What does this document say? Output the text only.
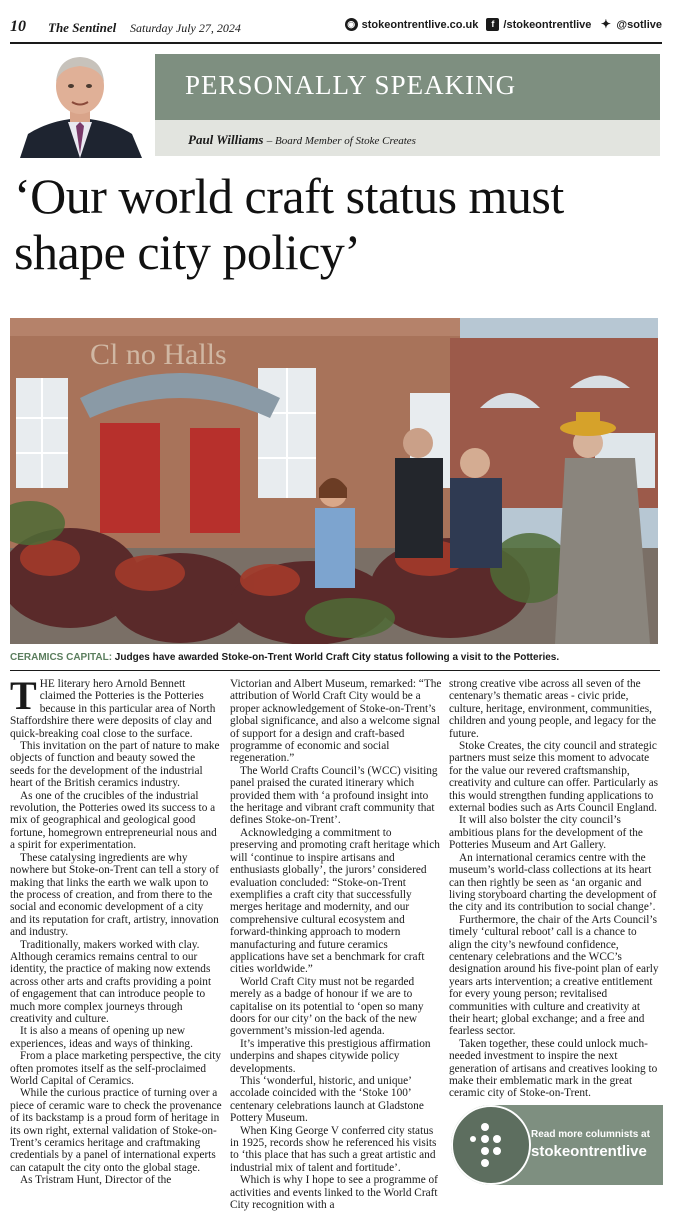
10 The Sentinel Saturday July 27, 2024	◉ stokeontrentlive.co.uk	f /stokeontrentlive ✦ @sotlive
PERSONALLY SPEAKING
Paul Williams – Board Member of Stoke Creates
‘Our world craft status must shape city policy’
Cl no Halls
CERAMICS CAPITAL: Judges have awarded Stoke-on-Trent World Craft City status following a visit to the Potteries.

THE literary hero Arnold Bennett claimed the Potteries is the Potteries because in this particular area of North Staffordshire there were deposits of clay and quick-breaking coal close to the surface.

This invitation on the part of nature to make objects of function and beauty sowed the seeds for the development of the industrial heart of the British ceramics industry.

As one of the crucibles of the industrial revolution, the Potteries owed its success to a mix of geographical and geological good fortune, homegrown entrepreneurial nous and a spirit for experimentation.

These catalysing ingredients are why nowhere but Stoke-on-Trent can tell a story of making that links the earth we walk upon to the process of creation, and from there to the social and economic development of a city and its reputation for craft, artistry, innovation and industry.

Traditionally, makers worked with clay. Although ceramics remains central to our identity, the practice of making now extends across other arts and crafts providing a point of engagement that can introduce people to much more complex journeys through creativity and culture.

It is also a means of opening up new experiences, ideas and ways of thinking.

From a place marketing perspective, the city often promotes itself as the self-proclaimed World Capital of Ceramics.

While the curious practice of turning over a piece of ceramic ware to check the provenance of its backstamp is a proud form of heritage in its own right, external validation of Stoke-on-Trent’s ceramics heritage and craftmaking credentials by a panel of international experts can catapult the city onto the global stage.

As Tristram Hunt, Director of the

Victorian and Albert Museum, remarked: “The attribution of World Craft City would be a proper acknowledgement of Stoke-on-Trent’s global significance, and also a welcome signal of support for a design and craft-based programme of economic and social regeneration.”

The World Crafts Council’s (WCC) visiting panel praised the curated itinerary which provided them with ‘a profound insight into the heritage and vibrant craft community that defines Stoke-on-Trent’.

Acknowledging a commitment to preserving and promoting craft heritage which will ‘continue to inspire artisans and enthusiasts globally’, the jurors’ considered evaluation concluded: “Stoke-on-Trent exemplifies a craft city that successfully merges heritage and modernity, and our comprehensive cultural ecosystem and forward-thinking approach to modern manufacturing and future ceramics applications have set a benchmark for craft cities worldwide.”

World Craft City must not be regarded merely as a badge of honour if we are to capitalise on its potential to ‘open so many doors for our city’ on the back of the new government’s mission-led agenda.

It’s imperative this prestigious affirmation underpins and shapes citywide policy developments.

This ‘wonderful, historic, and unique’ accolade coincided with the ‘Stoke 100’ centenary celebrations launch at Gladstone Pottery Museum.

When King George V conferred city status in 1925, records show he referenced his visits to ‘this place that has such a great artistic and industrial mix of talent and fortitude’.

Which is why I hope to see a programme of activities and events linked to the World Craft City recognition with a

strong creative vibe across all seven of the centenary’s thematic areas - civic pride, culture, heritage, environment, communities, children and young people, and legacy for the future.

Stoke Creates, the city council and strategic partners must seize this moment to advocate for the value our revered craftsmanship, creativity and culture can offer. Particularly as this would strengthen funding applications to external bodies such as Arts Council England.

It will also bolster the city council’s ambitious plans for the development of the Potteries Museum and Art Gallery.

An international ceramics centre with the museum’s world-class collections at its heart can then rightly be seen as ‘an organic and living storyboard charting the development of the city and its contribution to social change’.

Furthermore, the chair of the Arts Council’s timely ‘cultural reboot’ call is a chance to align the city’s newfound confidence, centenary celebrations and the WCC’s designation around his five-point plan of early years arts intervention; a creative entitlement for every young person; revitalised communities with culture and creativity at their heart; global exchange; and a free and fearless sector.

Taken together, these could unlock much-needed investment to inspire the next generation of artisans and creatives looking to make their emblematic mark in the great ceramic city of Stoke-on-Trent.

Read more columnists at
stokeontrentlive
